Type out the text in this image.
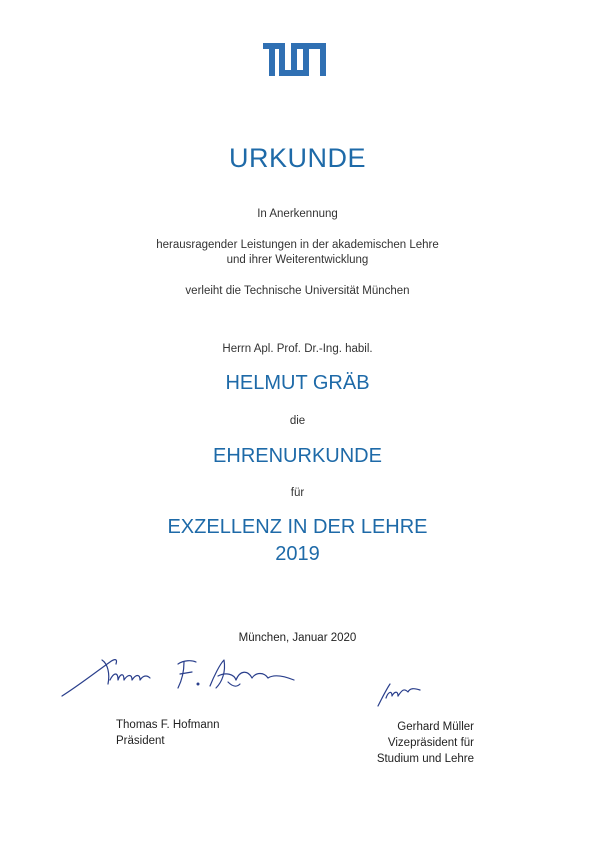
URKUNDE
In Anerkennung
herausragender Leistungen in der akademischen Lehre
und ihrer Weiterentwicklung
verleiht die Technische Universität München
Herrn Apl. Prof. Dr.-Ing. habil.
HELMUT GRÄB
die
EHRENURKUNDE
für
EXZELLENZ IN DER LEHRE
2019
München, Januar 2020
Thomas F. Hofmann
Präsident
Gerhard Müller
Vizepräsident für
Studium und Lehre
